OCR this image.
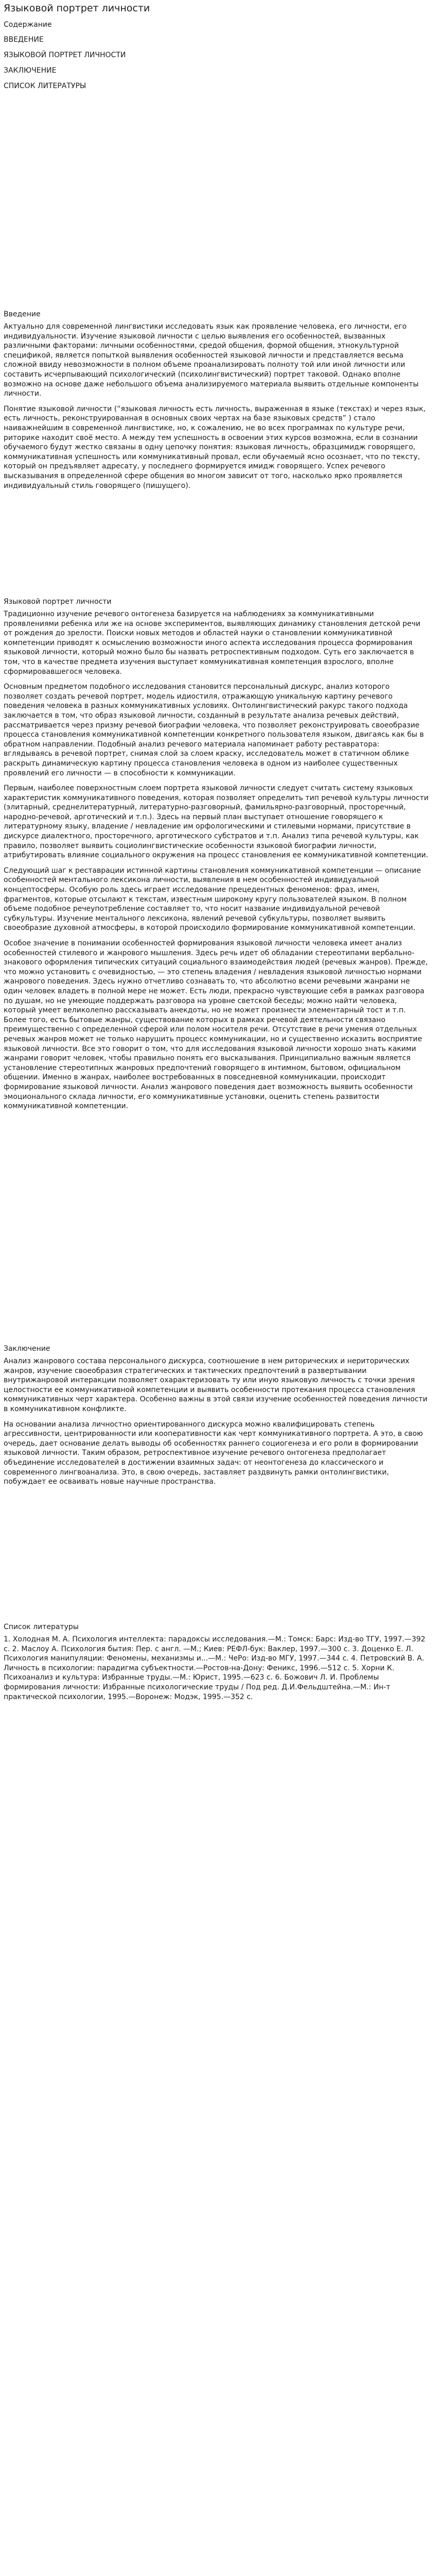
Языковой портрет личности
Содержание
ВВЕДЕНИЕ
ЯЗЫКОВОЙ ПОРТРЕТ ЛИЧНОСТИ
ЗАКЛЮЧЕНИЕ
СПИСОК ЛИТЕРАТУРЫ
Введение

Актуально для современной лингвистики исследовать язык как проявление человека, его личности, его индивидуальности. Изучение языковой личности с целью выявления его особенностей, вызванных различными факторами: личными особенностями, средой общения, формой общения, этнокультурной спецификой, является попыткой выявления особенностей языковой личности и представляется весьма сложной ввиду невозможности в полном объеме проанализировать полноту той или иной личности или составить исчерпывающий психологический (психолингвистический) портрет таковой. Однако вполне возможно на основе даже небольшого объема анализируемого материала выявить отдельные компоненты личности.

Понятие языковой личности (“языковая личность есть личность, выраженная в языке (текстах) и через язык, есть личность, реконструированная в основных своих чертах на базе языковых средств” ) стало наиважнейшим в современной лингвистике, но, к сожалению, не во всех программах по культуре речи, риторике находит своё место. А между тем успешность в освоении этих курсов возможна, если в сознании обучаемого будут жестко связаны в одну цепочку понятия: языковая личность, образцимидж говорящего, коммуникативная успешность или коммуникативный провал, если обучаемый ясно осознает, что по тексту, который он предъявляет адресату, у последнего формируется имидж говорящего. Успех речевого высказывания в определенной сфере общения во многом зависит от того, насколько ярко проявляется индивидуальный стиль говорящего (пишущего).

Языковой портрет личности

Традиционно изучение речевого онтогенеза базируется на наблюдениях за коммуникативными проявлениями ребенка или же на основе экспериментов, выявляющих динамику становления детской речи от рождения до зрелости. Поиски новых методов и областей науки о становлении коммуникативной компетенции приводят к осмыслению возможности иного аспекта исследования процесса формирования языковой личности, который можно было бы назвать ретроспективным подходом. Суть его заключается в том, что в качестве предмета изучения выступает коммуникативная компетенция взрослого, вполне сформировавшегося человека.

Основным предметом подобного исследования становится персональный дискурс, анализ которого позволяет создать речевой портрет, модель идиостиля, отражающую уникальную картину речевого поведения человека в разных коммуникативных условиях. Онтолингвистический ракурс такого подхода заключается в том, что образ языковой личности, созданный в результате анализа речевых действий, рассматривается через призму речевой биографии человека, что позволяет реконструировать своеобразие процесса становления коммуникативной компетенции конкретного пользователя языком, двигаясь как бы в обратном направлении. Подобный анализ речевого материала напоминает работу реставратора: вглядываясь в речевой портрет, снимая слой за слоем краску, исследователь может в статичном облике раскрыть динамическую картину процесса становления человека в одном из наиболее существенных проявлений его личности — в способности к коммуникации.

Первым, наиболее поверхностным слоем портрета языковой личности следует считать систему языковых характеристик коммуникативного поведения, которая позволяет определить тип речевой культуры личности (элитарный, среднелитературный, литературно-разговорный, фамильярно-разговорный, просторечный, народно-речевой, арготический и т.п.). Здесь на первый план выступает отношение говорящего к литературному языку, владение / невладение им орфологическими и стилевыми нормами, присутствие в дискурсе диалектного, просторечного, арготического субстратов и т.п. Анализ типа речевой культуры, как правило, позволяет выявить социолингвистические особенности языковой биографии личности, атрибутировать влияние социального окружения на процесс становления ее коммуникативной компетенции.

Следующий шаг к реставрации истинной картины становления коммуникативной компетенции — описание особенностей ментального лексикона личности, выявления в нем особенностей индивидуальной концептосферы. Особую роль здесь играет исследование прецедентных феноменов: фраз, имен, фрагментов, которые отсылают к текстам, известным широкому кругу пользователей языком. В полном объеме подобное речеупотребление составляет то, что носит название индивидуальной речевой субкультуры. Изучение ментального лексикона, явлений речевой субкультуры, позволяет выявить своеобразие духовной атмосферы, в которой происходило формирование коммуникативной компетенции.

Особое значение в понимании особенностей формирования языковой личности человека имеет анализ особенностей стилевого и жанрового мышления. Здесь речь идет об обладании стереотипами вербально-знакового оформления типических ситуаций социального взаимодействия людей (речевых жанров). Прежде, что можно установить с очевидностью, — это степень владения / невладения языковой личностью нормами жанрового поведения. Здесь нужно отчетливо сознавать то, что абсолютно всеми речевыми жанрами не один человек владеть в полной мере не может. Есть люди, прекрасно чувствующие себя в рамках разговора по душам, но не умеющие поддержать разговора на уровне светской беседы; можно найти человека, который умеет великолепно рассказывать анекдоты, но не может произнести элементарный тост и т.п. Более того, есть бытовые жанры, существование которых в рамках речевой деятельности связано преимущественно с определенной сферой или полом носителя речи. Отсутствие в речи умения отдельных речевых жанров может не только нарушить процесс коммуникации, но и существенно исказить восприятие языковой личности. Все это говорит о том, что для исследования языковой личности хорошо знать какими жанрами говорит человек, чтобы правильно понять его высказывания. Принципиально важным является установление стереотипных жанровых предпочтений говорящего в интимном, бытовом, официальном общении. Именно в жанрах, наиболее востребованных в повседневной коммуникации, происходит формирование языковой личности. Анализ жанрового поведения дает возможность выявить особенности эмоционального склада личности, его коммуникативные установки, оценить степень развитости коммуникативной компетенции.

Заключение

Анализ жанрового состава персонального дискурса, соотношение в нем риторических и нериторических жанров, изучение своеобразия стратегических и тактических предпочтений в развертывании внутрижанровой интеракции позволяет охарактеризовать ту или иную языковую личность с точки зрения целостности ее коммуникативной компетенции и выявить особенности протекания процесса становления коммуникативных черт характера. Особенно важны в этой связи изучение особенностей поведения личности в коммуникативном конфликте.

На основании анализа личностно ориентированного дискурса можно квалифицировать степень агрессивности, центрированности или кооперативности как черт коммуникативного портрета. А это, в свою очередь, дает основание делать выводы об особенностях раннего социогенеза и его роли в формировании языковой личности. Таким образом, ретроспективное изучение речевого онтогенеза предполагает объединение исследователей в достижении взаимных задач: от неонтогенеза до классического и современного лингвоанализа. Это, в свою очередь, заставляет раздвинуть рамки онтолингвистики, побуждает ее осваивать новые научные пространства.

Список литературы

1. Холодная М. А. Психология интеллекта: парадоксы исследования.—М.: Томск: Барс: Изд-во ТГУ, 1997.—392 с. 2. Маслоу А. Психология бытия: Пер. с англ. —М.; Киев: РЕФЛ-бук: Ваклер, 1997.—300 с. 3. Доценко Е. Л. Психология манипуляции: Феномены, механизмы и...—М.: ЧеРо: Изд-во МГУ, 1997.—344 с. 4. Петровский В. А. Личность в психологии: парадигма субъектности.—Ростов-на-Дону: Феникс, 1996.—512 с. 5. Хорни К. Психоанализ и культура: Избранные труды.—М.: Юрист, 1995.—623 с. 6. Божович Л. И. Проблемы формирования личности: Избранные психологические труды / Под ред. Д.И.Фельдштейна.—М.: Ин-т практической психологии, 1995.—Воронеж: Модэк, 1995.—352 с.
